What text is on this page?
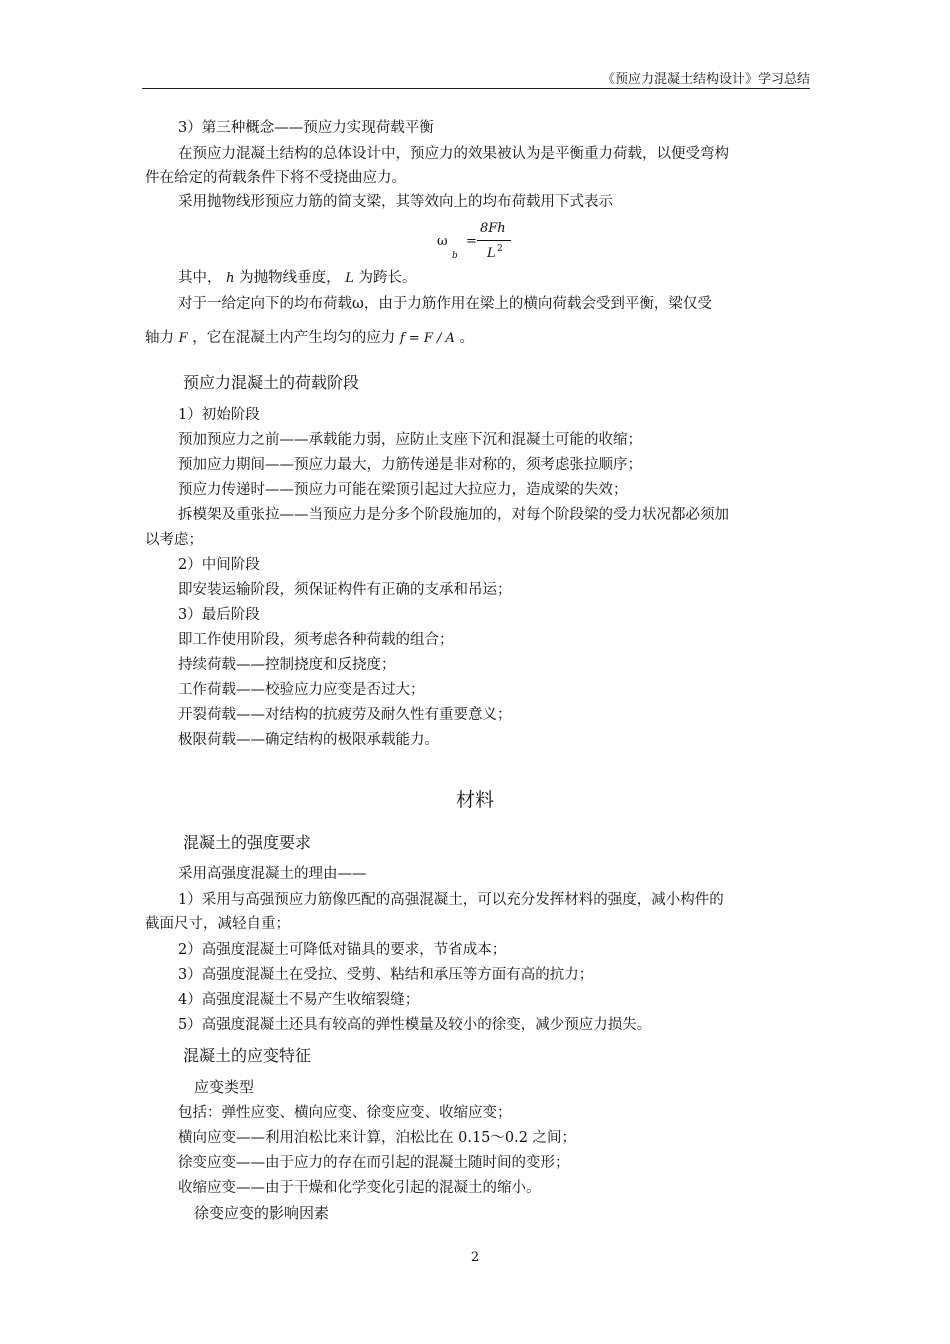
《预应力混凝土结构设计》学习总结
3）第三种概念——预应力实现荷载平衡
在预应力混凝土结构的总体设计中，预应力的效果被认为是平衡重力荷载，以便受弯构
件在给定的荷载条件下将不受挠曲应力。
采用抛物线形预应力筋的简支梁，其等效向上的均布荷载用下式表示
ω
b
=
8Fh
L 2
其中， h 为抛物线垂度， L 为跨长。
对于一给定向下的均布荷载ω，由于力筋作用在梁上的横向荷载会受到平衡，梁仅受
轴力 F ，它在混凝土内产生均匀的应力 f = F / A 。
预应力混凝土的荷载阶段
1）初始阶段
预加预应力之前——承载能力弱，应防止支座下沉和混凝土可能的收缩；
预加应力期间——预应力最大，力筋传递是非对称的，须考虑张拉顺序；
预应力传递时——预应力可能在梁顶引起过大拉应力，造成梁的失效；
拆模架及重张拉——当预应力是分多个阶段施加的，对每个阶段梁的受力状况都必须加
以考虑；
2）中间阶段
即安装运输阶段，须保证构件有正确的支承和吊运；
3）最后阶段
即工作使用阶段，须考虑各种荷载的组合；
持续荷载——控制挠度和反挠度；
工作荷载——校验应力应变是否过大；
开裂荷载——对结构的抗疲劳及耐久性有重要意义；
极限荷载——确定结构的极限承载能力。
材料
混凝土的强度要求
采用高强度混凝土的理由——
1）采用与高强预应力筋像匹配的高强混凝土，可以充分发挥材料的强度，减小构件的
截面尺寸，减轻自重；
2）高强度混凝土可降低对锚具的要求，节省成本；
3）高强度混凝土在受拉、受剪、粘结和承压等方面有高的抗力；
4）高强度混凝土不易产生收缩裂缝；
5）高强度混凝土还具有较高的弹性模量及较小的徐变，减少预应力损失。
混凝土的应变特征
应变类型
包括：弹性应变、横向应变、徐变应变、收缩应变；
横向应变——利用泊松比来计算，泊松比在 0.15～0.2 之间；
徐变应变——由于应力的存在而引起的混凝土随时间的变形；
收缩应变——由于干燥和化学变化引起的混凝土的缩小。
徐变应变的影响因素
2
